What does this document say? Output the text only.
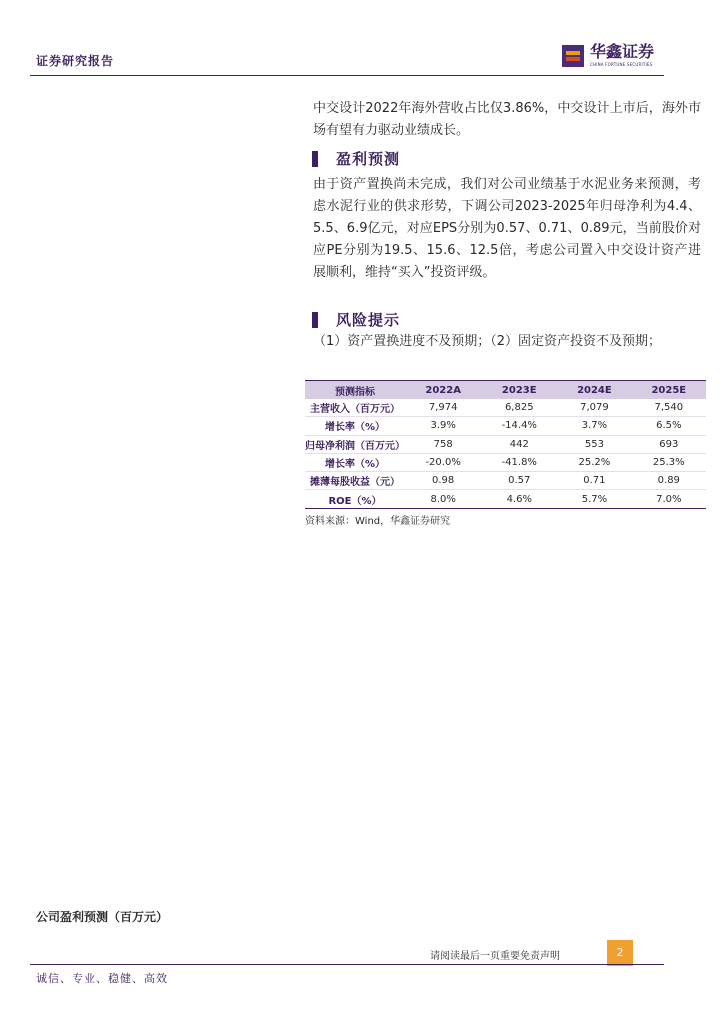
证券研究报告	华鑫证券
CHINA FORTUNE SECURITIES
中交设计2022年海外营收占比仅3.86%，中交设计上市后，海外市场有望有力驱动业绩成长。
盈利预测
由于资产置换尚未完成，我们对公司业绩基于水泥业务来预测，考虑水泥行业的供求形势，下调公司2023-2025年归母净利为4.4、5.5、6.9亿元，对应EPS分别为0.57、0.71、0.89元，当前股价对应PE分别为19.5、15.6、12.5倍，考虑公司置入中交设计资产进展顺利，维持“买入”投资评级。
风险提示
（1）资产置换进度不及预期；（2）固定资产投资不及预期；
预测指标	2022A	2023E	2024E	2025E
主营收入（百万元）	7,974	6,825	7,079	7,540
增长率（%）	3.9%	-14.4%	3.7%	6.5%
归母净利润（百万元）	758	442	553	693
增长率（%）	-20.0%	-41.8%	25.2%	25.3%
摊薄每股收益（元）	0.98	0.57	0.71	0.89
ROE（%）	8.0%	4.6%	5.7%	7.0%
资料来源：Wind，华鑫证券研究
公司盈利预测（百万元）
请阅读最后一页重要免责声明	2
诚信、专业、稳健、高效
